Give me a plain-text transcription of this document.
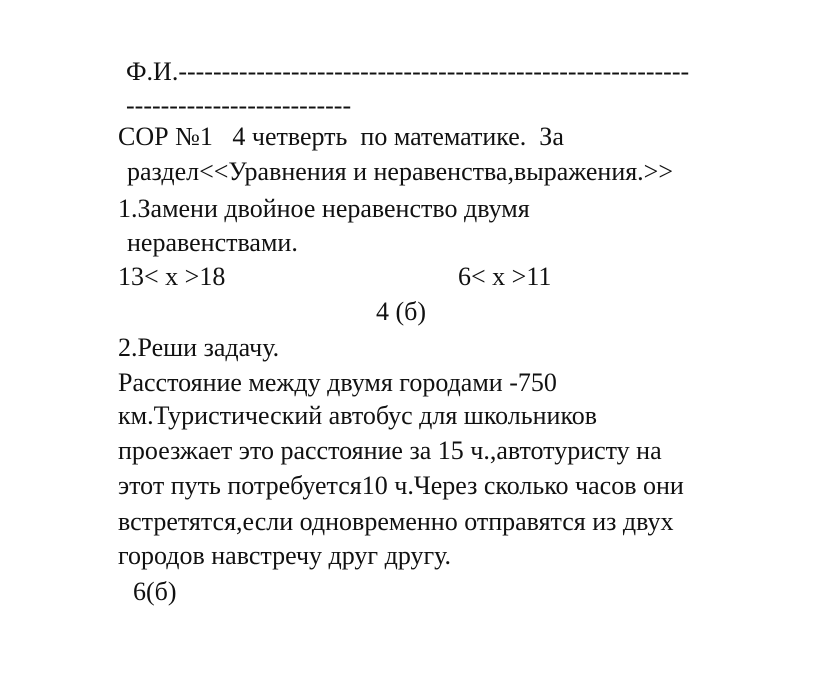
Ф.И.-----------------------------------------------------------
--------------------------
СОР №1   4 четверть  по математике.  За
раздел<<Уравнения и неравенства,выражения.>>
1.Замени двойное неравенство двумя
неравенствами.
13< х >18	6< х >11
4 (б)
2.Реши задачу.
Расстояние между двумя городами -750
км.Туристический автобус для школьников
проезжает это расстояние за 15 ч.,автотуристу на
этот путь потребуется10 ч.Через сколько часов они
встретятся,если одновременно отправятся из двух
городов навстречу друг другу.
6(б)
